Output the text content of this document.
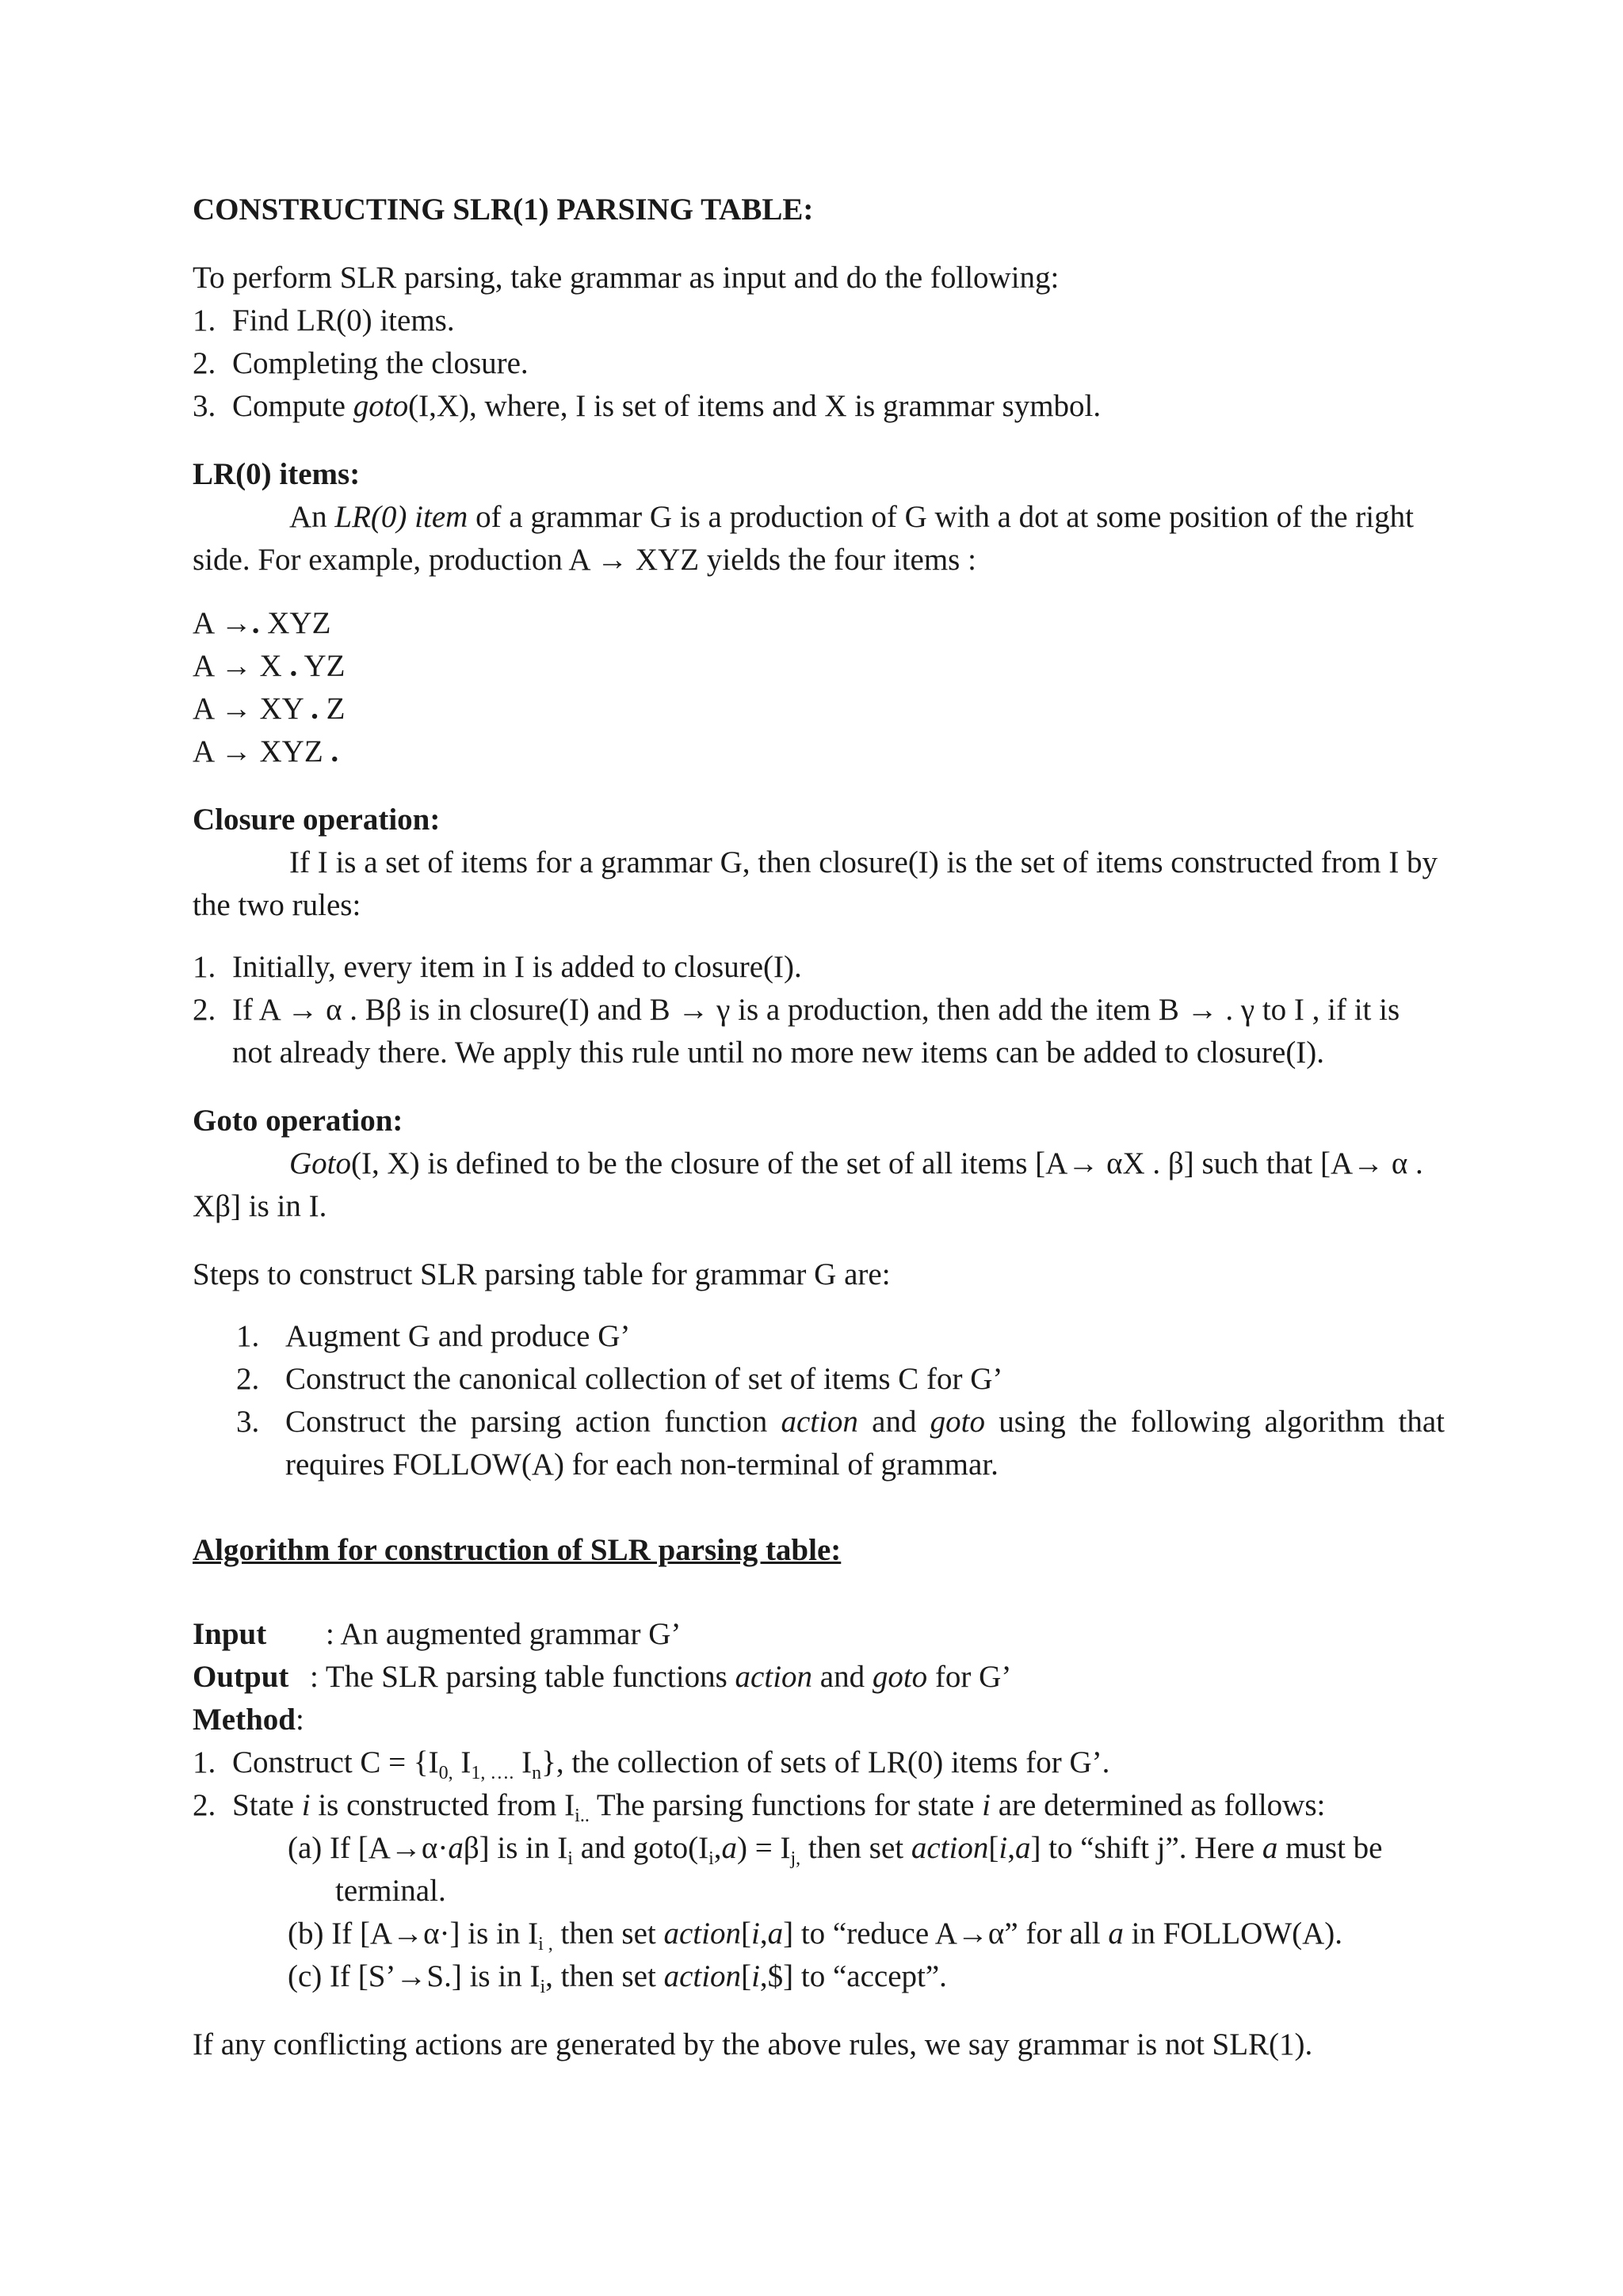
CONSTRUCTING SLR(1) PARSING TABLE:

To perform SLR parsing, take grammar as input and do the following:

1. Find LR(0) items.
2. Completing the closure.
3. Compute goto(I,X), where, I is set of items and X is grammar symbol.

LR(0) items:

An LR(0) item of a grammar G is a production of G with a dot at some position of the right side. For example, production A → XYZ yields the four items :

A →. XYZ

A → X . YZ

A → XY . Z

A → XYZ .

Closure operation:

If I is a set of items for a grammar G, then closure(I) is the set of items constructed from I by the two rules:

1. Initially, every item in I is added to closure(I).
2. If A → α . Bβ is in closure(I) and B → γ is a production, then add the item B → . γ to I , if it is not already there. We apply this rule until no more new items can be added to closure(I).

Goto operation:

Goto(I, X) is defined to be the closure of the set of all items [A→ αX . β] such that [A→ α . Xβ] is in I.

Steps to construct SLR parsing table for grammar G are:

1. Augment G and produce G’
2. Construct the canonical collection of set of items C for G’
3. Construct the parsing action function action and goto using the following algorithm that requires FOLLOW(A) for each non-terminal of grammar.

Algorithm for construction of SLR parsing table:

Input	: An augmented grammar G’
Output : The SLR parsing table functions action and goto for G’
Method :
1. Construct $C = \{I_{0,}$ $I_{1, \dots.}$ $I_n$}, the collection of sets of LR(0) items for G’.
2. State i is constructed from $I_{i..}$ The parsing functions for state i are determined as follows:

(a) If [A→α·aβ] is in $I_i$ and $goto(I_i,a) = I_{j,}$ then set action[i,a] to “shift j”. Here a must be terminal.

(b) If [A→α·] is in $I_{i ,}$ then set action[i,a] to “reduce A→α” for all a in FOLLOW(A).

(c) If [S’→S.] is in $I_i$, then set action[i,$] to “accept”.

If any conflicting actions are generated by the above rules, we say grammar is not SLR(1).
